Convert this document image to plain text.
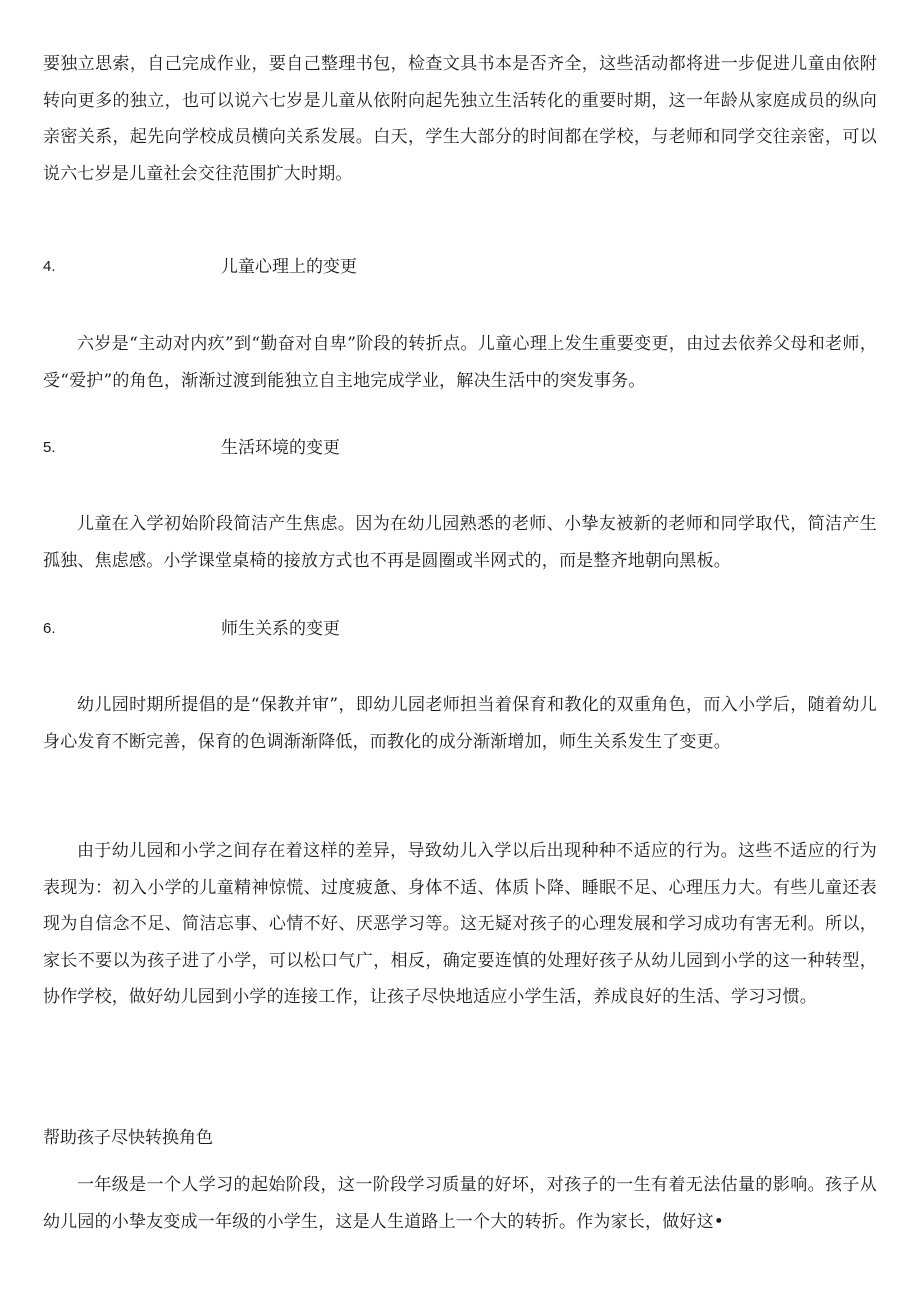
要独立思索，自己完成作业，要自己整理书包，检查文具书本是否齐全，这些活动都将进一步促进儿童由依附转向更多的独立，也可以说六七岁是儿童从依附向起先独立生活转化的重要时期，这一年龄从家庭成员的纵向亲密关系，起先向学校成员横向关系发展。白天，学生大部分的时间都在学校，与老师和同学交往亲密，可以说六七岁是儿童社会交往范围扩大时期。

4.	儿童心理上的变更

六岁是“主动对内疚”到“勤奋对自卑”阶段的转折点。儿童心理上发生重要变更，由过去依养父母和老师，受“爱护”的角色，渐渐过渡到能独立自主地完成学业，解决生活中的突发事务。

5.	生活环境的变更

儿童在入学初始阶段简洁产生焦虑。因为在幼儿园熟悉的老师、小挚友被新的老师和同学取代，简洁产生孤独、焦虑感。小学课堂桌椅的接放方式也不再是圆圈或半网式的，而是整齐地朝向黑板。

6.	师生关系的变更

幼儿园时期所提倡的是“保教并审”，即幼儿园老师担当着保育和教化的双重角色，而入小学后，随着幼儿身心发育不断完善，保育的色调渐渐降低，而教化的成分渐渐增加，师生关系发生了变更。

由于幼儿园和小学之间存在着这样的差异，导致幼儿入学以后出现种种不适应的行为。这些不适应的行为表现为：初入小学的儿童精神惊慌、过度疲惫、身体不适、体质卜降、睡眠不足、心理压力大。有些儿童还表现为自信念不足、简洁忘事、心情不好、厌恶学习等。这无疑对孩子的心理发展和学习成功有害无利。所以，家长不要以为孩子进了小学，可以松口气广，相反，确定要连慎的处理好孩子从幼儿园到小学的这一种转型，协作学校，做好幼儿园到小学的连接工作，让孩子尽快地适应小学生活，养成良好的生活、学习习惯。

帮助孩子尽快转换角色

一年级是一个人学习的起始阶段，这一阶段学习质量的好坏，对孩子的一生有着无法估量的影响。孩子从幼儿园的小挚友变成一年级的小学生，这是人生道路上一个大的转折。作为家长，做好这•
